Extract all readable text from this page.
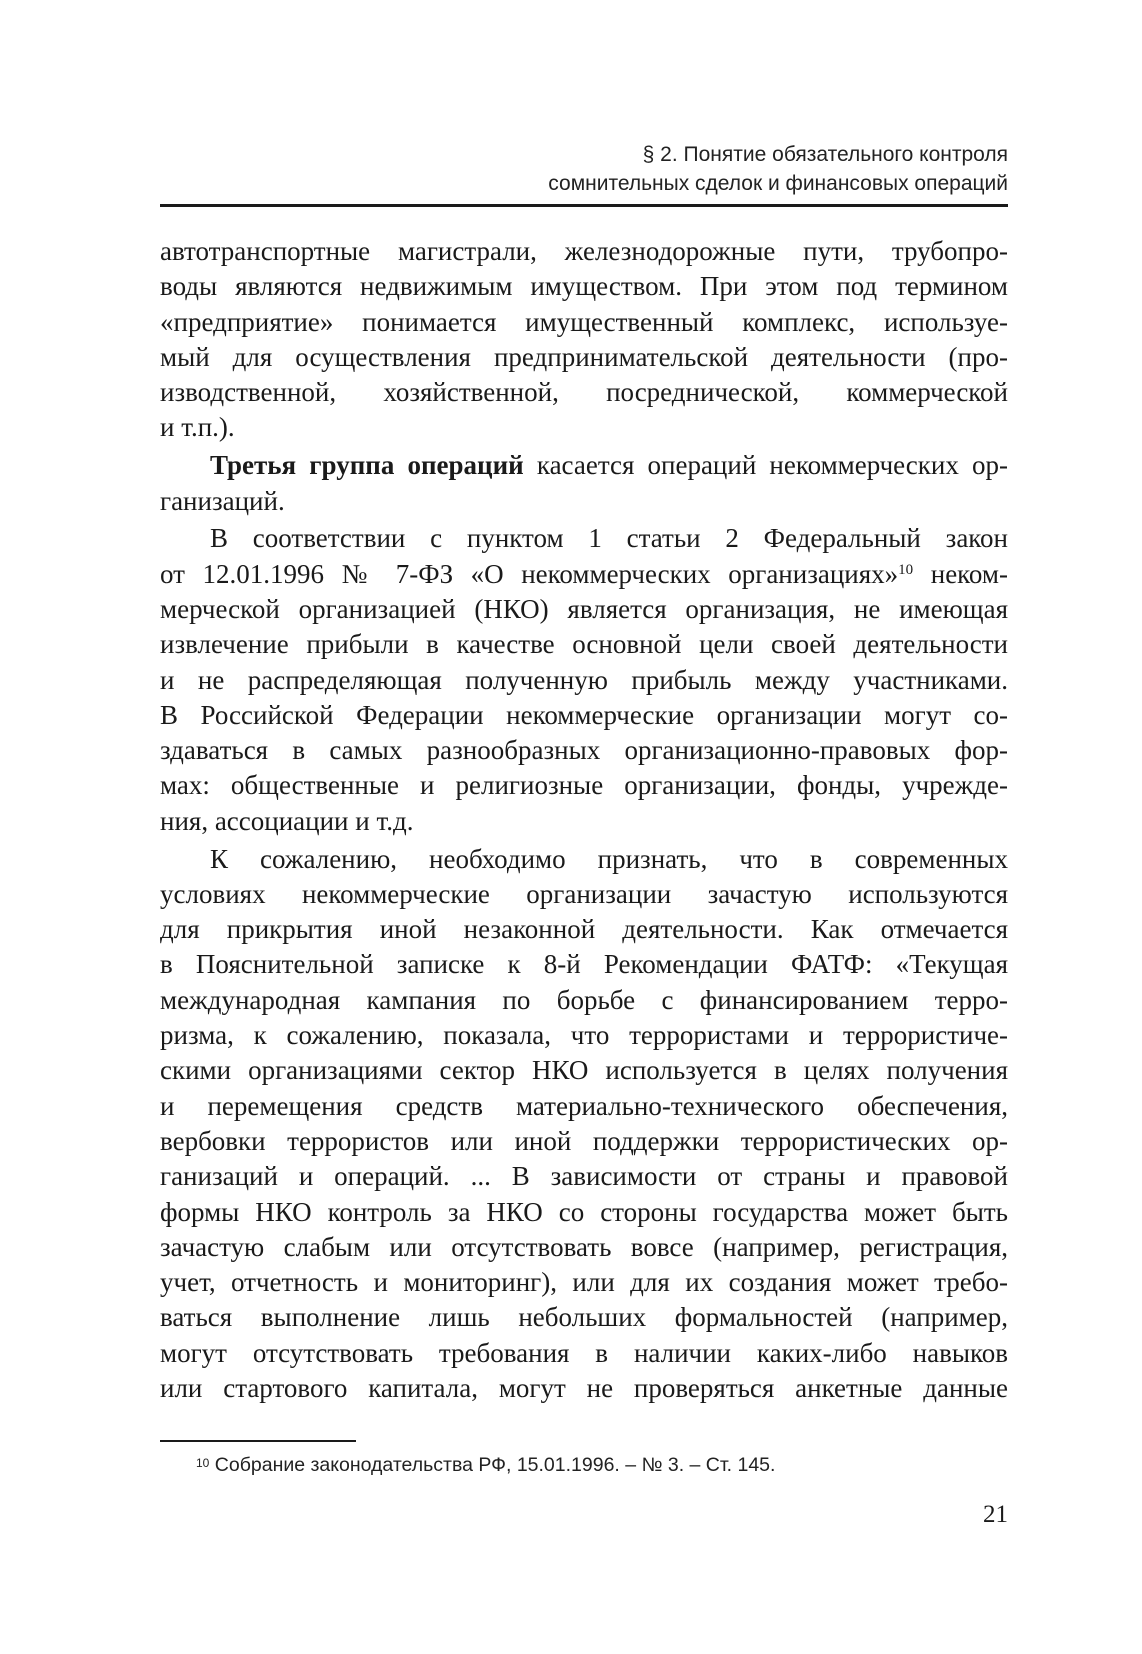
§ 2. Понятие обязательного контроля
сомнительных сделок и финансовых операций
автотранспортные магистрали, железнодорожные пути, трубопро-
воды являются недвижимым имуществом. При этом под термином
«предприятие» понимается имущественный комплекс, используе-
мый для осуществления предпринимательской деятельности (про-
изводственной, хозяйственной, посреднической, коммерческой
и т.п.).
Третья группа операций касается операций некоммерческих ор-
ганизаций.
В соответствии с пунктом 1 статьи 2 Федеральный закон
от 12.01.1996 № 7-ФЗ «О некоммерческих организациях»$^{10}$ неком-
мерческой организацией (НКО) является организация, не имеющая
извлечение прибыли в качестве основной цели своей деятельности
и не распределяющая полученную прибыль между участниками.
В Российской Федерации некоммерческие организации могут со-
здаваться в самых разнообразных организационно-правовых фор-
мах: общественные и религиозные организации, фонды, учрежде-
ния, ассоциации и т.д.
К сожалению, необходимо признать, что в современных
условиях некоммерческие организации зачастую используются
для прикрытия иной незаконной деятельности. Как отмечается
в Пояснительной записке к 8-й Рекомендации ФАТФ: «Текущая
международная кампания по борьбе с финансированием терро-
ризма, к сожалению, показала, что террористами и террористиче-
скими организациями сектор НКО используется в целях получения
и перемещения средств материально-технического обеспечения,
вербовки террористов или иной поддержки террористических ор-
ганизаций и операций. ... В зависимости от страны и правовой
формы НКО контроль за НКО со стороны государства может быть
зачастую слабым или отсутствовать вовсе (например, регистрация,
учет, отчетность и мониторинг), или для их создания может требо-
ваться выполнение лишь небольших формальностей (например,
могут отсутствовать требования в наличии каких-либо навыков
или стартового капитала, могут не проверяться анкетные данные
$^{10}$ Собрание законодательства РФ, 15.01.1996. – № 3. – Ст. 145.
21
